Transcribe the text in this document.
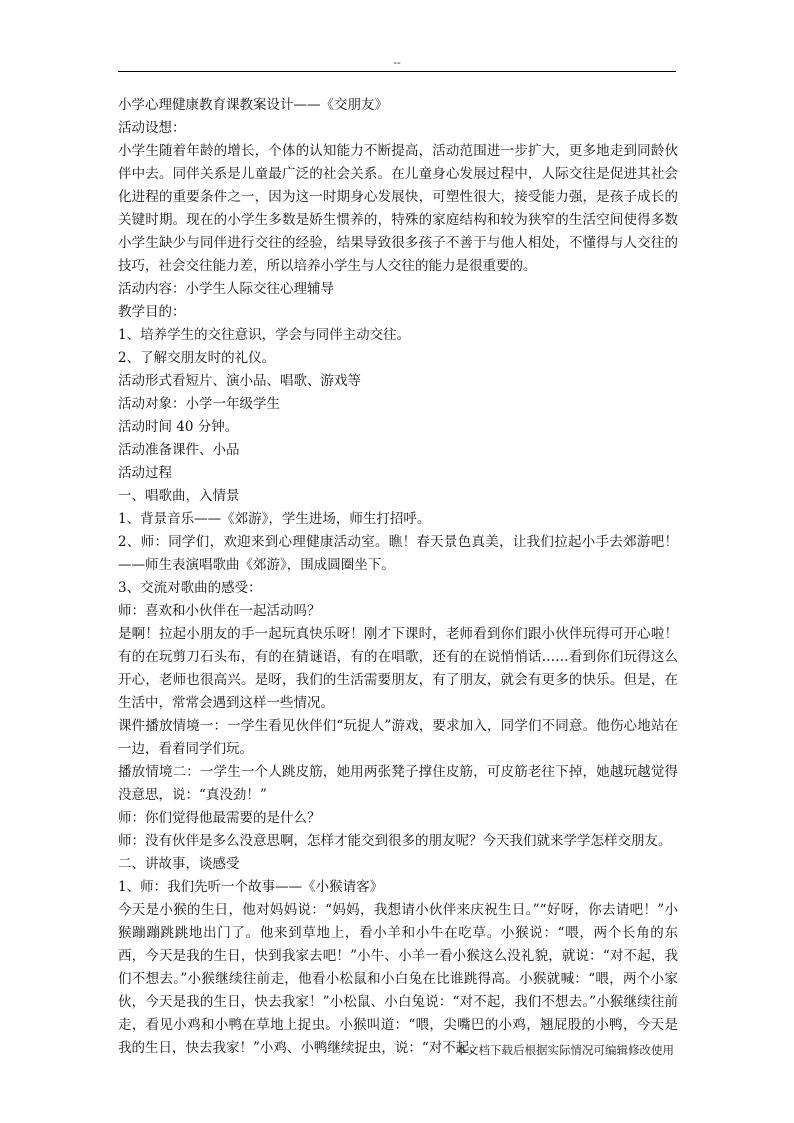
--

小学心理健康教育课教案设计——《交朋友》

活动设想：

小学生随着年龄的增长，个体的认知能力不断提高，活动范围进一步扩大，更多地走到同龄伙伴中去。同伴关系是儿童最广泛的社会关系。在儿童身心发展过程中，人际交往是促进其社会化进程的重要条件之一，因为这一时期身心发展快，可塑性很大，接受能力强，是孩子成长的关键时期。现在的小学生多数是娇生惯养的，特殊的家庭结构和较为狭窄的生活空间使得多数小学生缺少与同伴进行交往的经验，结果导致很多孩子不善于与他人相处，不懂得与人交往的技巧，社会交往能力差，所以培养小学生与人交往的能力是很重要的。

活动内容：小学生人际交往心理辅导

教学目的：

1、培养学生的交往意识，学会与同伴主动交往。

2、了解交朋友时的礼仪。

活动形式看短片、演小品、唱歌、游戏等

活动对象：小学一年级学生

活动时间 40 分钟。

活动准备课件、小品

活动过程

一、唱歌曲，入情景

1、背景音乐——《郊游》，学生进场，师生打招呼。

2、师：同学们，欢迎来到心理健康活动室。瞧！春天景色真美，让我们拉起小手去郊游吧！——师生表演唱歌曲《郊游》，围成圆圈坐下。

3、交流对歌曲的感受：

师：喜欢和小伙伴在一起活动吗？

是啊！拉起小朋友的手一起玩真快乐呀！刚才下课时，老师看到你们跟小伙伴玩得可开心啦！有的在玩剪刀石头布，有的在猜谜语，有的在唱歌，还有的在说悄悄话……看到你们玩得这么开心，老师也很高兴。是呀，我们的生活需要朋友，有了朋友，就会有更多的快乐。但是，在生活中，常常会遇到这样一些情况。

课件播放情境一：一学生看见伙伴们“玩捉人”游戏，要求加入，同学们不同意。他伤心地站在一边，看着同学们玩。

播放情境二：一学生一个人跳皮筋，她用两张凳子撑住皮筋，可皮筋老往下掉，她越玩越觉得没意思，说：“真没劲！”

师：你们觉得他最需要的是什么？

师：没有伙伴是多么没意思啊，怎样才能交到很多的朋友呢？今天我们就来学学怎样交朋友。

二、讲故事，谈感受

1、师：我们先听一个故事——《小猴请客》

今天是小猴的生日，他对妈妈说：“妈妈，我想请小伙伴来庆祝生日。”“好呀，你去请吧！”小猴蹦蹦跳跳地出门了。他来到草地上，看小羊和小牛在吃草。小猴说：“喂，两个长角的东西，今天是我的生日，快到我家去吧！”小牛、小羊一看小猴这么没礼貌，就说：“对不起，我们不想去。”小猴继续往前走，他看小松鼠和小白兔在比谁跳得高。小猴就喊：“喂，两个小家伙，今天是我的生日，快去我家！”小松鼠、小白兔说：“对不起，我们不想去。”小猴继续往前走，看见小鸡和小鸭在草地上捉虫。小猴叫道：“喂，尖嘴巴的小鸡，翘屁股的小鸭，今天是我的生日，快去我家！”小鸡、小鸭继续捉虫，说：“对不起，

本文档下载后根据实际情况可编辑修改使用
